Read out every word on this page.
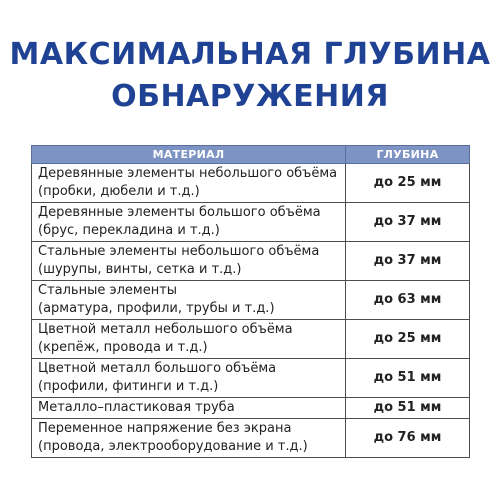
МАКСИМАЛЬНАЯ ГЛУБИНА
ОБНАРУЖЕНИЯ
МАТЕРИАЛ	ГЛУБИНА

Деревянные элементы небольшого объёма
(пробки, дюбели и т.д.)	до 25 мм

Деревянные элементы большого объёма
(брус, перекладина и т.д.)	до 37 мм

Стальные элементы небольшого объёма
(шурупы, винты, сетка и т.д.)	до 37 мм

Стальные элементы
(арматура, профили, трубы и т.д.)	до 63 мм

Цветной металл небольшого объёма
(крепёж, провода и т.д.)	до 25 мм

Цветной металл большого объёма
(профили, фитинги и т.д.)	до 51 мм

Металло–пластиковая труба	до 51 мм

Переменное напряжение без экрана
(провода, электрооборудование и т.д.)	до 76 мм
